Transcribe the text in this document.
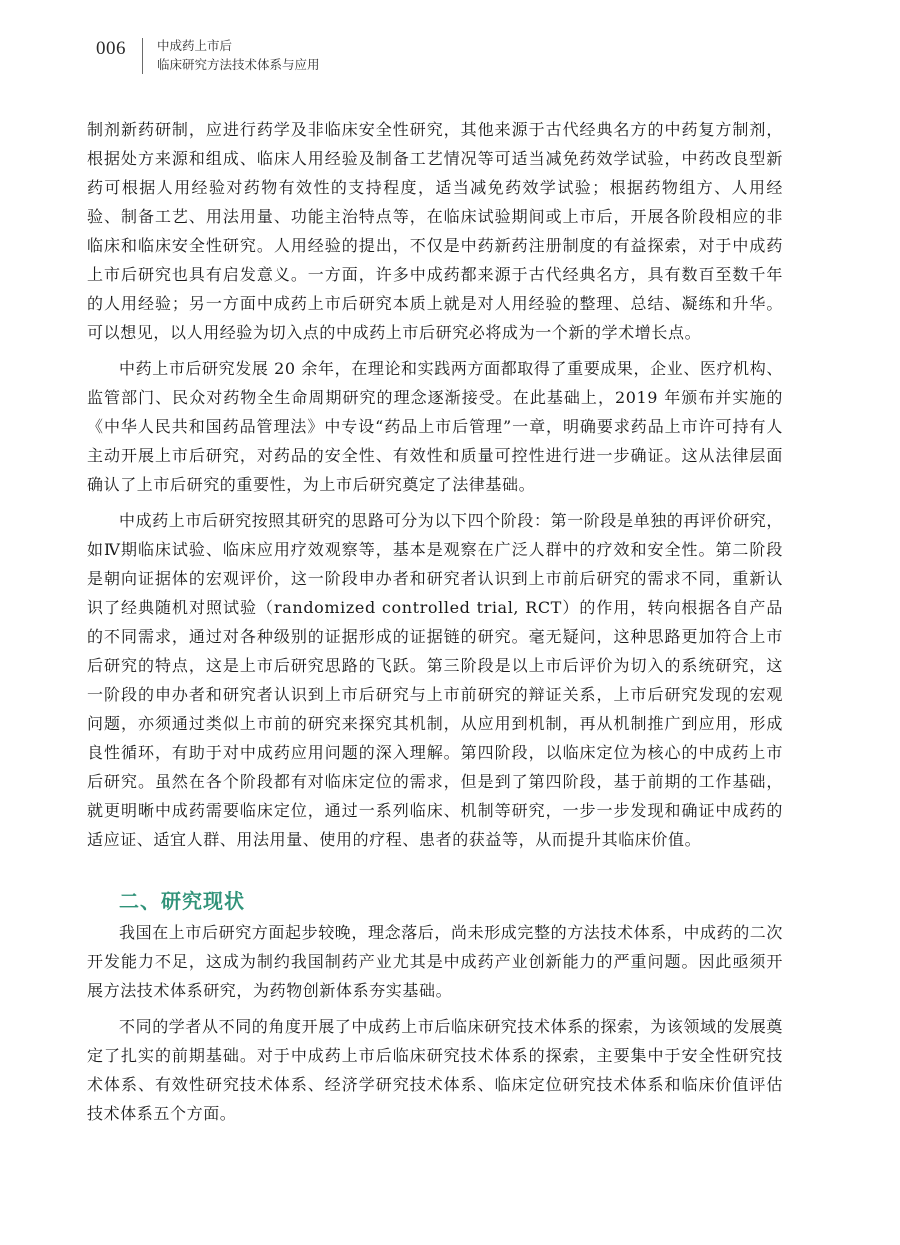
006 中成药上市后
临床研究方法技术体系与应用

制剂新药研制，应进行药学及非临床安全性研究，其他来源于古代经典名方的中药复方制剂，根据处方来源和组成、临床人用经验及制备工艺情况等可适当减免药效学试验，中药改良型新药可根据人用经验对药物有效性的支持程度，适当减免药效学试验；根据药物组方、人用经验、制备工艺、用法用量、功能主治特点等，在临床试验期间或上市后，开展各阶段相应的非临床和临床安全性研究。人用经验的提出，不仅是中药新药注册制度的有益探索，对于中成药上市后研究也具有启发意义。一方面，许多中成药都来源于古代经典名方，具有数百至数千年的人用经验；另一方面中成药上市后研究本质上就是对人用经验的整理、总结、凝练和升华。可以想见，以人用经验为切入点的中成药上市后研究必将成为一个新的学术增长点。

中药上市后研究发展 20 余年，在理论和实践两方面都取得了重要成果，企业、医疗机构、监管部门、民众对药物全生命周期研究的理念逐渐接受。在此基础上，2019 年颁布并实施的《中华人民共和国药品管理法》中专设“药品上市后管理”一章，明确要求药品上市许可持有人主动开展上市后研究，对药品的安全性、有效性和质量可控性进行进一步确证。这从法律层面确认了上市后研究的重要性，为上市后研究奠定了法律基础。

中成药上市后研究按照其研究的思路可分为以下四个阶段：第一阶段是单独的再评价研究，如Ⅳ期临床试验、临床应用疗效观察等，基本是观察在广泛人群中的疗效和安全性。第二阶段是朝向证据体的宏观评价，这一阶段申办者和研究者认识到上市前后研究的需求不同，重新认识了经典随机对照试验（randomized controlled trial, RCT）的作用，转向根据各自产品的不同需求，通过对各种级别的证据形成的证据链的研究。毫无疑问，这种思路更加符合上市后研究的特点，这是上市后研究思路的飞跃。第三阶段是以上市后评价为切入的系统研究，这一阶段的申办者和研究者认识到上市后研究与上市前研究的辩证关系，上市后研究发现的宏观问题，亦须通过类似上市前的研究来探究其机制，从应用到机制，再从机制推广到应用，形成良性循环，有助于对中成药应用问题的深入理解。第四阶段，以临床定位为核心的中成药上市后研究。虽然在各个阶段都有对临床定位的需求，但是到了第四阶段，基于前期的工作基础，就更明晰中成药需要临床定位，通过一系列临床、机制等研究，一步一步发现和确证中成药的适应证、适宜人群、用法用量、使用的疗程、患者的获益等，从而提升其临床价值。

二、研究现状

我国在上市后研究方面起步较晚，理念落后，尚未形成完整的方法技术体系，中成药的二次开发能力不足，这成为制约我国制药产业尤其是中成药产业创新能力的严重问题。因此亟须开展方法技术体系研究，为药物创新体系夯实基础。

不同的学者从不同的角度开展了中成药上市后临床研究技术体系的探索，为该领域的发展奠定了扎实的前期基础。对于中成药上市后临床研究技术体系的探索，主要集中于安全性研究技术体系、有效性研究技术体系、经济学研究技术体系、临床定位研究技术体系和临床价值评估技术体系五个方面。
